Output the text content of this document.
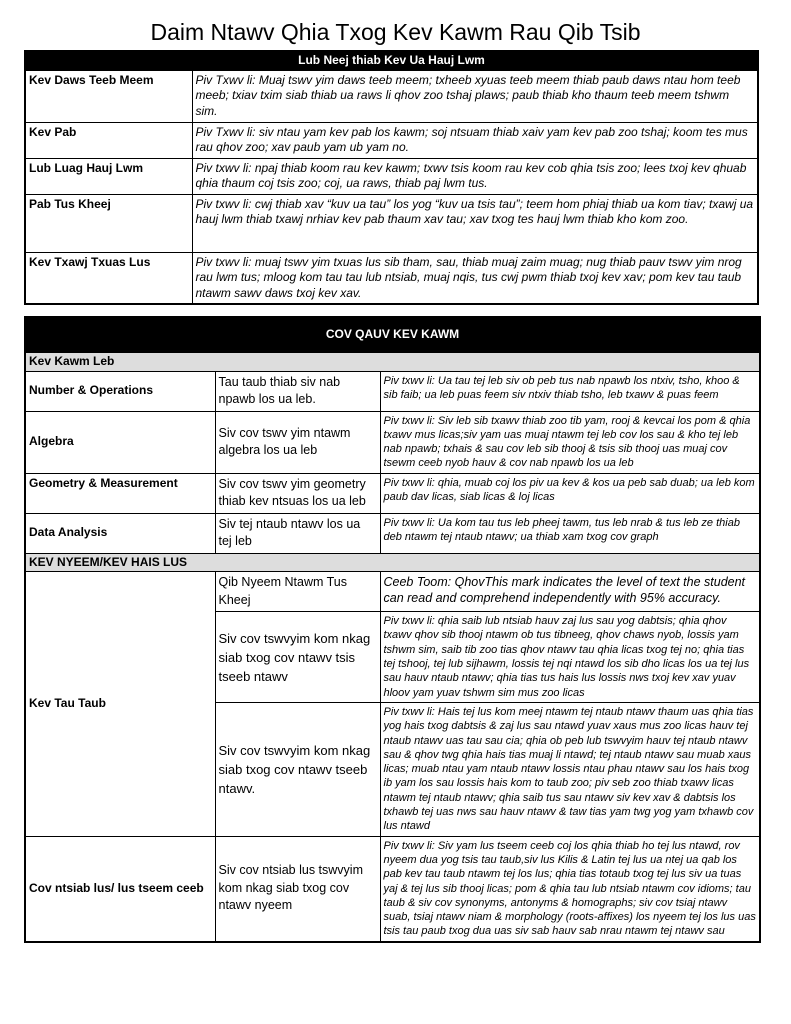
Daim Ntawv Qhia Txog Kev Kawm Rau Qib Tsib
Lub Neej thiab Kev Ua Hauj Lwm	
Kev Daws Teeb Meem	Piv Txwv li: Muaj tswv yim daws teeb meem; txheeb xyuas teeb meem thiab paub daws ntau hom teeb meeb; txiav txim siab thiab ua raws li qhov zoo tshaj plaws; paub thiab kho thaum teeb meem tshwm sim.
Kev Pab	Piv Txwv li: siv ntau yam kev pab los kawm; soj ntsuam thiab xaiv yam kev pab zoo tshaj; koom tes mus rau qhov zoo; xav paub yam ub yam no.
Lub Luag Hauj Lwm	Piv txwv li: npaj thiab koom rau kev kawm; txwv tsis koom rau kev cob qhia tsis zoo; lees txoj kev qhuab qhia thaum coj tsis zoo; coj, ua raws, thiab paj lwm tus.
Pab Tus Kheej	Piv txwv li: cwj thiab xav “kuv ua tau” los yog “kuv ua tsis tau”; teem hom phiaj thiab ua kom tiav; txawj ua hauj lwm thiab txawj nrhiav kev pab thaum xav tau; xav txog tes hauj lwm thiab kho kom zoo.
Kev Txawj Txuas Lus	Piv txwv li: muaj tswv yim txuas lus sib tham, sau, thiab muaj zaim muag; nug thiab pauv tswv yim nrog rau lwm tus; mloog kom tau tau lub ntsiab, muaj nqis, tus cwj pwm thiab txoj kev xav; pom kev tau taub ntawm sawv daws txoj kev xav.
COV QAUV KEV KAWM		
Kev Kawm Leb		
Number & Operations	Tau taub thiab siv nab npawb los ua leb.	Piv txwv li: Ua tau tej leb siv ob peb tus nab npawb los ntxiv, tsho, khoo & sib faib; ua leb puas feem siv ntxiv thiab tsho, leb txawv & puas feem
Algebra	Siv cov tswv yim ntawm algebra los ua leb	Piv txwv li: Siv leb sib txawv thiab zoo tib yam, rooj & kevcai los pom & qhia txawv mus licas;siv yam uas muaj ntawm tej leb cov los sau & kho tej leb nab npawb; txhais & sau cov leb sib thooj & tsis sib thooj uas muaj cov tsewm ceeb nyob hauv & cov nab npawb los ua leb
Geometry & Measurement	Siv cov tswv yim geometry thiab kev ntsuas los ua leb	Piv txwv li: qhia, muab coj los piv ua kev & kos ua peb sab duab; ua leb kom paub dav licas, siab licas & loj licas
Data Analysis	Siv tej ntaub ntawv los ua tej leb	Piv txwv li: Ua kom tau tus leb pheej tawm, tus leb nrab & tus leb ze thiab deb ntawm tej ntaub ntawv; ua thiab xam txog cov graph
KEV NYEEM/KEV HAIS LUS		
Kev Tau Taub	Qib Nyeem Ntawm Tus Kheej	Ceeb Toom: QhovThis mark indicates the level of text the student can read and comprehend independently with 95% accuracy.
	Siv cov tswvyim kom nkag siab txog cov ntawv tsis tseeb ntawv	Piv txwv li: qhia saib lub ntsiab hauv zaj lus sau yog dabtsis; qhia qhov txawv qhov sib thooj ntawm ob tus tibneeg, qhov chaws nyob, lossis yam tshwm sim, saib tib zoo tias qhov ntawv tau qhia licas txog tej no; qhia tias tej tshooj, tej lub sijhawm, lossis tej nqi ntawd los sib dho licas los ua tej lus sau hauv ntaub ntawv; qhia tias tus hais lus lossis nws txoj kev xav yuav hloov yam yuav tshwm sim mus zoo licas
	Siv cov tswvyim kom nkag siab txog cov ntawv tseeb ntawv.	Piv txwv li: Hais tej lus kom meej ntawm tej ntaub ntawv thaum uas qhia tias yog hais txog dabtsis & zaj lus sau ntawd yuav xaus mus zoo licas hauv tej ntaub ntawv uas tau sau cia; qhia ob peb lub tswvyim hauv tej ntaub ntawv sau & qhov twg qhia hais tias muaj li ntawd; tej ntaub ntawv sau muab xaus licas; muab ntau yam ntaub ntawv lossis ntau phau ntawv sau los hais txog ib yam los sau lossis hais kom to taub zoo; piv seb zoo thiab txawv licas ntawm tej ntaub ntawv; qhia saib tus sau ntawv siv kev xav & dabtsis los txhawb tej uas nws sau hauv ntawv & taw tias yam twg yog yam txhawb cov lus ntawd
Cov ntsiab lus/ lus tseem ceeb	Siv cov ntsiab lus tswvyim kom nkag siab txog cov ntawv nyeem	Piv txwv li: Siv yam lus tseem ceeb coj los qhia thiab ho tej lus ntawd, rov nyeem dua yog tsis tau taub,siv lus Kilis & Latin tej lus ua ntej ua qab los pab kev tau taub ntawm tej los lus; qhia tias totaub txog tej lus siv ua tuas yaj & tej lus sib thooj licas; pom & qhia tau lub ntsiab ntawm cov idioms; tau taub & siv cov synonyms, antonyms & homographs; siv cov tsiaj ntawv suab, tsiaj ntawv niam & morphology (roots-affixes) los nyeem tej los lus uas tsis tau paub txog dua uas siv sab hauv sab nrau ntawm tej ntawv sau
